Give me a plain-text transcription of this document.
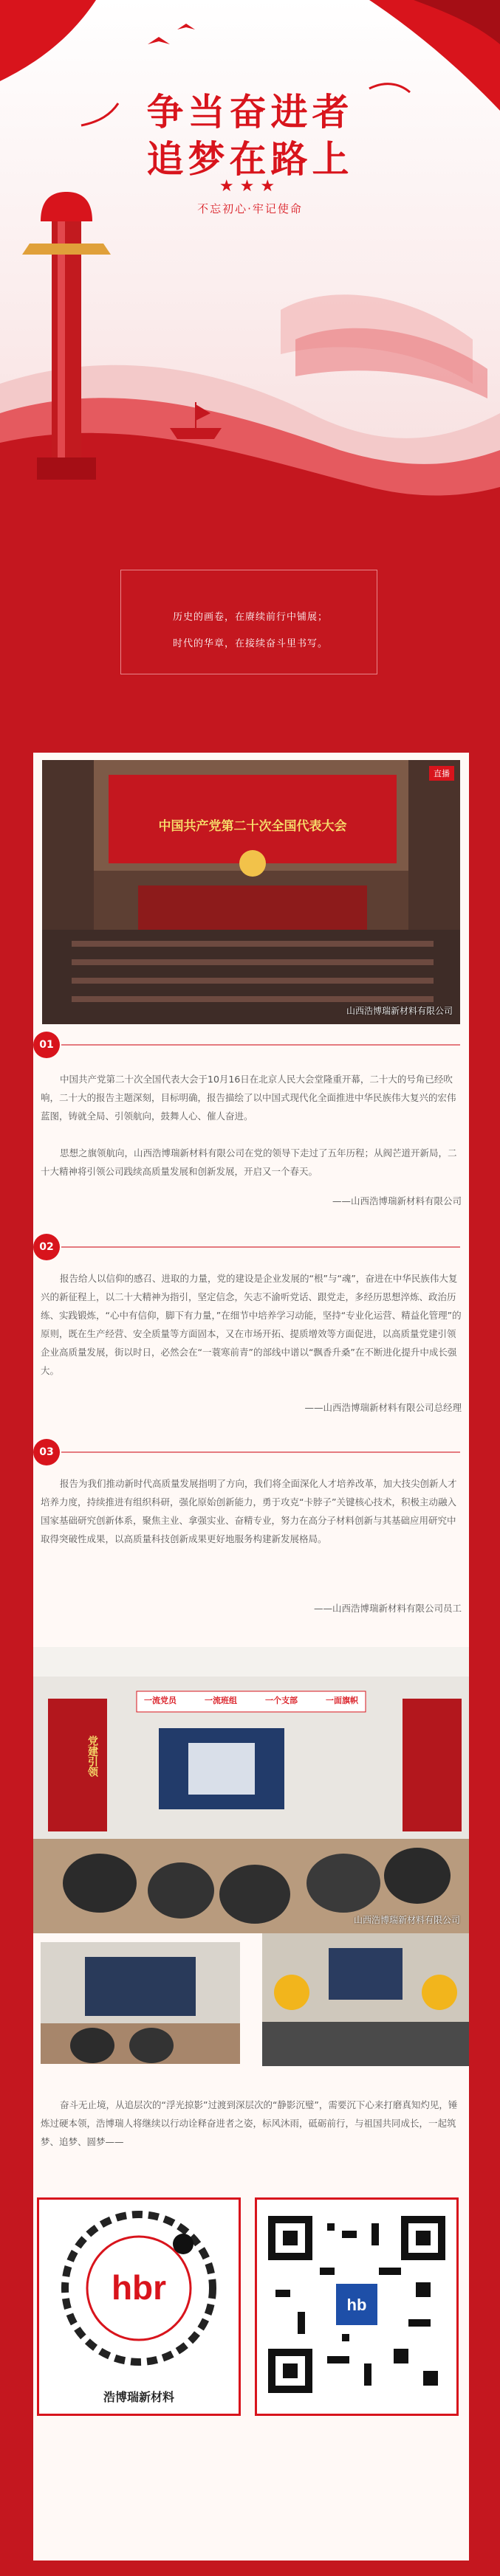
争当奋进者
追梦在路上
不忘初心·牢记使命
★★★

历史的画卷，在赓续前行中铺展；

时代的华章，在接续奋斗里书写。

中国共产党第二十次全国代表大会
直播
山西浩博瑞新材料有限公司
01

中国共产党第二十次全国代表大会于10月16日在北京人民大会堂隆重开幕，二十大的号角已经吹响，二十大的报告主题深刻，目标明确，报告描绘了以中国式现代化全面推进中华民族伟大复兴的宏伟蓝图，铸就全局、引领航向，鼓舞人心、催人奋进。

思想之旗领航向，山西浩博瑞新材料有限公司在党的领导下走过了五年历程；从阀芒道开新局，二十大精神将引领公司践续高质量发展和创新发展，开启又一个春天。

——山西浩博瑞新材料有限公司
02

报告给人以信仰的感召、进取的力量，党的建设是企业发展的“根”与“魂”，奋进在中华民族伟大复兴的新征程上，以二十大精神为指引，坚定信念，矢志不渝听党话、跟党走，多经历思想淬炼、政治历练、实践锻炼，“心中有信仰，脚下有力量，”在细节中培养学习动能，坚持“专业化运营、精益化管理”的原则，既在生产经营、安全质量等方面固本，又在市场开拓、提质增效等方面促进，以高质量党建引领企业高质量发展，街以时日，必然会在“一蓑寒前青”的部线中谱以“飘香升桑”在不断进化提升中成长强大。

——山西浩博瑞新材料有限公司总经理
03

报告为我们推动新时代高质量发展指明了方向，我们将全面深化人才培养改革，加大技尖创新人才培养力度，持续推进有组织科研，强化原始创新能力，勇于攻克“卡脖子”关键核心技术，积极主动融入国家基础研究创新体系，聚焦主业、拿强实业、奋精专业，努力在高分子材料创新与其基础应用研究中取得突破性成果，以高质量科技创新成果更好地服务构建新发展格局。

——山西浩博瑞新材料有限公司员工
一流党员	一流班组	一个支部	一面旗帜
党建引领
山西浩博瑞新材料有限公司

奋斗无止境，从追层次的“浮光掠影”过渡到深层次的“静影沉璧”，需要沉下心来打磨真知灼见，锤炼过硬本领，浩博瑞人将继续以行动诠释奋进者之姿，标风沐雨，砥砺前行，与祖国共同成长，一起筑梦、追梦、圆梦——

hbr
浩博瑞新材料
hb
